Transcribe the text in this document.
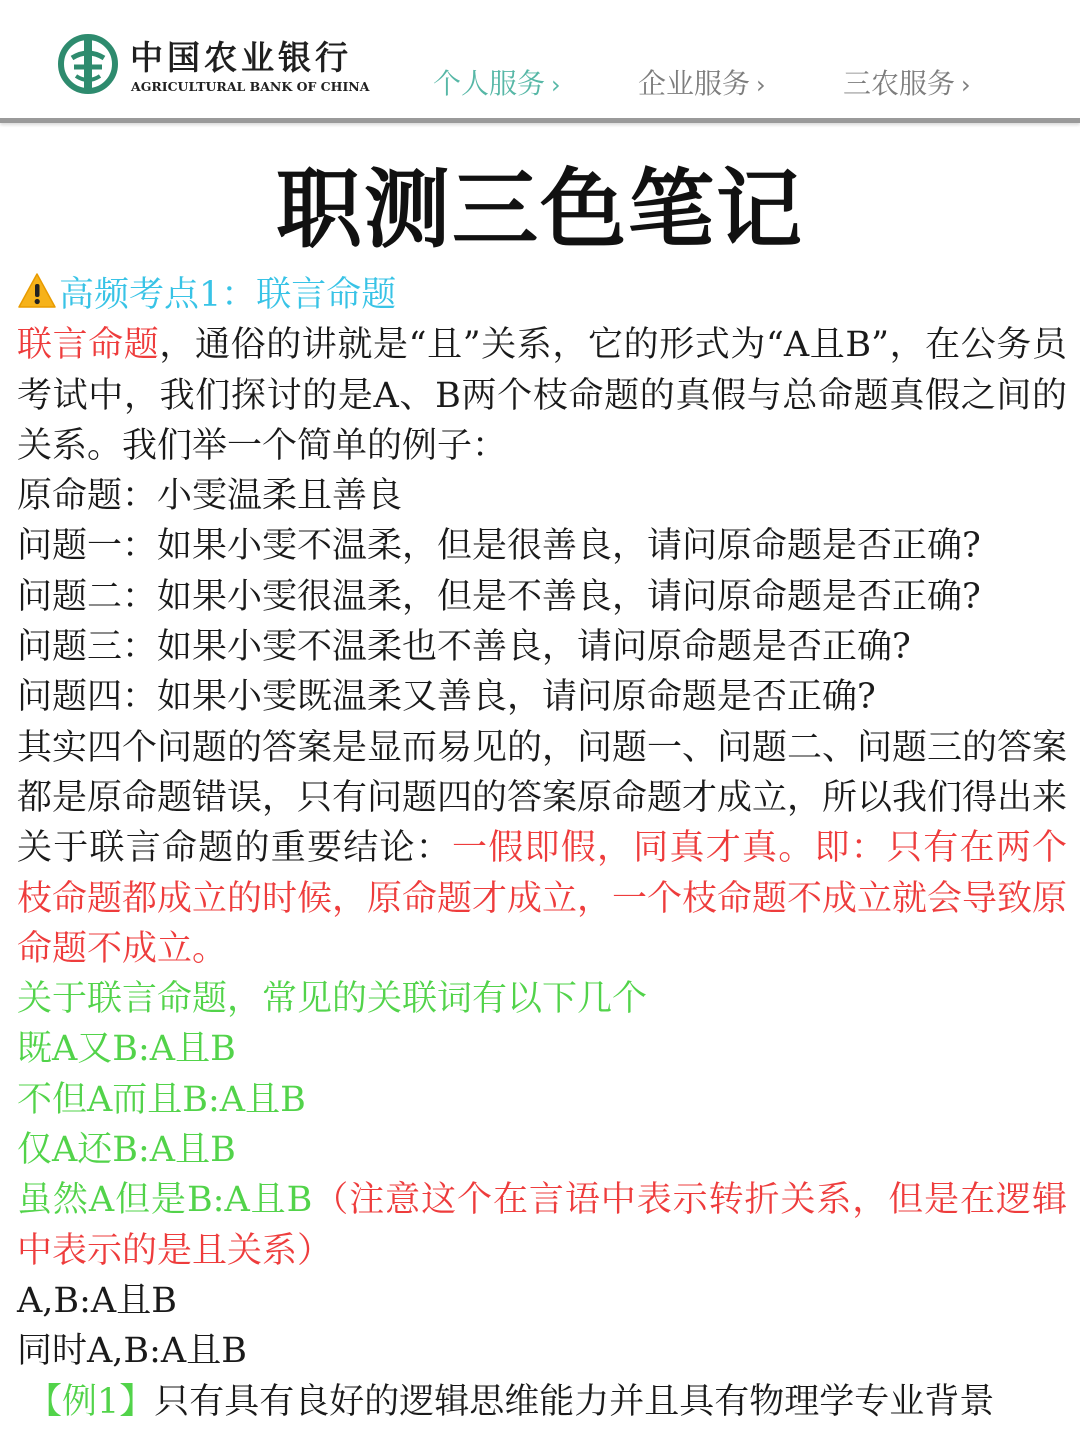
中国农业银行
AGRICULTURAL BANK OF CHINA 个人服务 ›	企业服务 ›	三农服务 ›
职测三色笔记
高频考点1：联言命题
联言命题，通俗的讲就是“且”关系，它的形式为“A且B”，在公务员考试中，我们探讨的是A、B两个枝命题的真假与总命题真假之间的关系。我们举一个简单的例子：
原命题：小雯温柔且善良
问题一：如果小雯不温柔，但是很善良，请问原命题是否正确?
问题二：如果小雯很温柔，但是不善良，请问原命题是否正确?
问题三：如果小雯不温柔也不善良，请问原命题是否正确?
问题四：如果小雯既温柔又善良，请问原命题是否正确?
其实四个问题的答案是显而易见的，问题一、问题二、问题三的答案都是原命题错误，只有问题四的答案原命题才成立，所以我们得出来关于联言命题的重要结论：一假即假，同真才真。即：只有在两个枝命题都成立的时候，原命题才成立，一个枝命题不成立就会导致原命题不成立。
关于联言命题，常见的关联词有以下几个
既A又B:A且B
不但A而且B:A且B
仅A还B:A且B
虽然A但是B:A且B（注意这个在言语中表示转折关系，但是在逻辑中表示的是且关系）
A,B:A且B
同时A,B:A且B
【例1】只有具有良好的逻辑思维能力并且具有物理学专业背景
